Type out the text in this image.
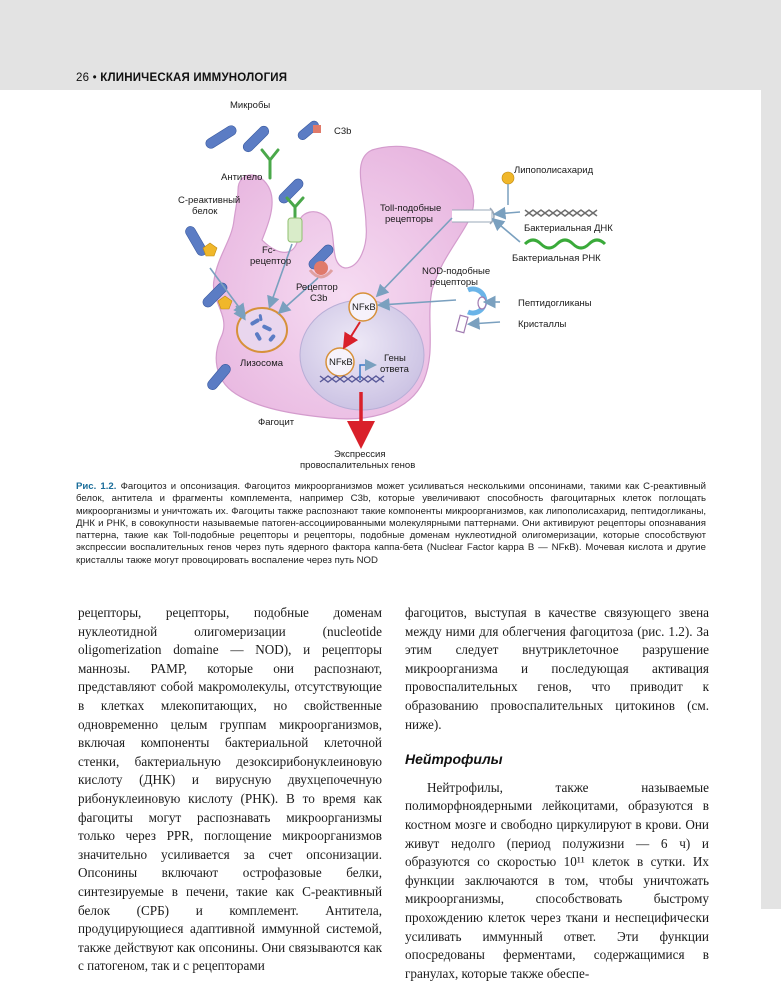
26 • КЛИНИЧЕСКАЯ ИММУНОЛОГИЯ
Микробы
C3b
Антитело
С-реактивный
белок
Fc-
рецептор
Рецептор
C3b
NFκB
NFκB	Гены
ответа
Лизосома
Фагоцит
Экспрессия
провоспалительных генов
Toll-подобные
рецепторы
NOD-подобные
рецепторы
Липополисахарид
Бактериальная ДНК
Бактериальная РНК
Пептидогликаны
Кристаллы
Рис. 1.2. Фагоцитоз и опсонизация. Фагоцитоз микроорганизмов может усиливаться несколькими опсонинами, такими как С-реактивный белок, антитела и фрагменты комплемента, например С3b, которые увеличивают способность фагоцитарных клеток поглощать микроорганизмы и уничтожать их. Фагоциты также распознают такие компоненты микроорганизмов, как липополисахарид, пептидогликаны, ДНК и РНК, в совокупности называемые патоген-ассоциированными молекулярными паттернами. Они активируют рецепторы опознавания паттерна, такие как Toll-подобные рецепторы и рецепторы, подобные доменам нуклеотидной олигомеризации, которые способствуют экспрессии воспалительных генов через путь ядерного фактора каппа-бета (Nuclear Factor kappa B — NFκB). Мочевая кислота и другие кристаллы также могут провоцировать воспаление через путь NOD

рецепторы, рецепторы, подобные доменам нуклеотидной олигомеризации (nucleotide oligomerization domaine — NOD), и рецепторы маннозы. PAMP, которые они распознают, представляют собой макромолекулы, отсутствующие в клетках млекопитающих, но свойственные одновременно целым группам микроорганизмов, включая компоненты бактериальной клеточной стенки, бактериальную дезоксирибонуклеиновую кислоту (ДНК) и вирусную двухцепочечную рибонуклеиновую кислоту (РНК). В то время как фагоциты могут распознавать микроорганизмы только через PPR, поглощение микроорганизмов значительно усиливается за счет опсонизации. Опсонины включают острофазовые белки, синтезируемые в печени, такие как С-реактивный белок (СРБ) и комплемент. Антитела, продуцирующиеся адаптивной иммунной системой, также действуют как опсонины. Они связываются как с патогеном, так и с рецепторами

фагоцитов, выступая в качестве связующего звена между ними для облегчения фагоцитоза (рис. 1.2). За этим следует внутриклеточное разрушение микроорганизма и последующая активация провоспалительных генов, что приводит к образованию провоспалительных цитокинов (см. ниже).

Нейтрофилы

Нейтрофилы, также называемые полиморфноядерными лейкоцитами, образуются в костном мозге и свободно циркулируют в крови. Они живут недолго (период полужизни — 6 ч) и образуются со скоростью 10¹¹ клеток в сутки. Их функции заключаются в том, чтобы уничтожать микроорганизмы, способствовать быстрому прохождению клеток через ткани и неспецифически усиливать иммунный ответ. Эти функции опосредованы ферментами, содержащимися в гранулах, которые также обеспе-
